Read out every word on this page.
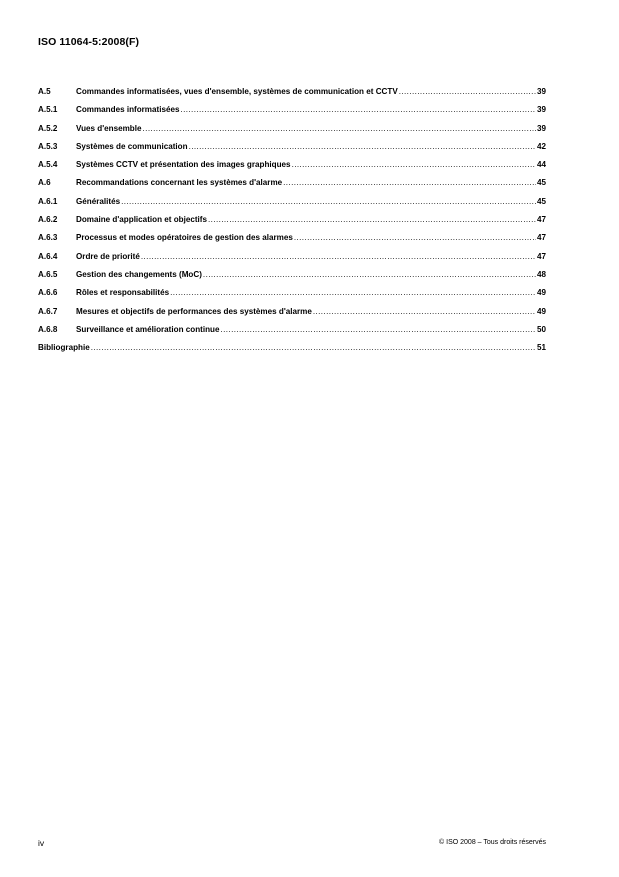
ISO 11064-5:2008(F)
A.5	Commandes informatisées, vues d'ensemble, systèmes de communication et CCTV .....	39
A.5.1	Commandes informatisées .....	39
A.5.2	Vues d'ensemble .....	39
A.5.3	Systèmes de communication .....	42
A.5.4	Systèmes CCTV et présentation des images graphiques .....	44
A.6	Recommandations concernant les systèmes d'alarme .....	45
A.6.1	Généralités .....	45
A.6.2	Domaine d'application et objectifs .....	47
A.6.3	Processus et modes opératoires de gestion des alarmes .....	47
A.6.4	Ordre de priorité .....	47
A.6.5	Gestion des changements (MoC) .....	48
A.6.6	Rôles et responsabilités .....	49
A.6.7	Mesures et objectifs de performances des systèmes d'alarme .....	49
A.6.8	Surveillance et amélioration continue .....	50
Bibliographie .....	51
iv	© ISO 2008 – Tous droits réservés
